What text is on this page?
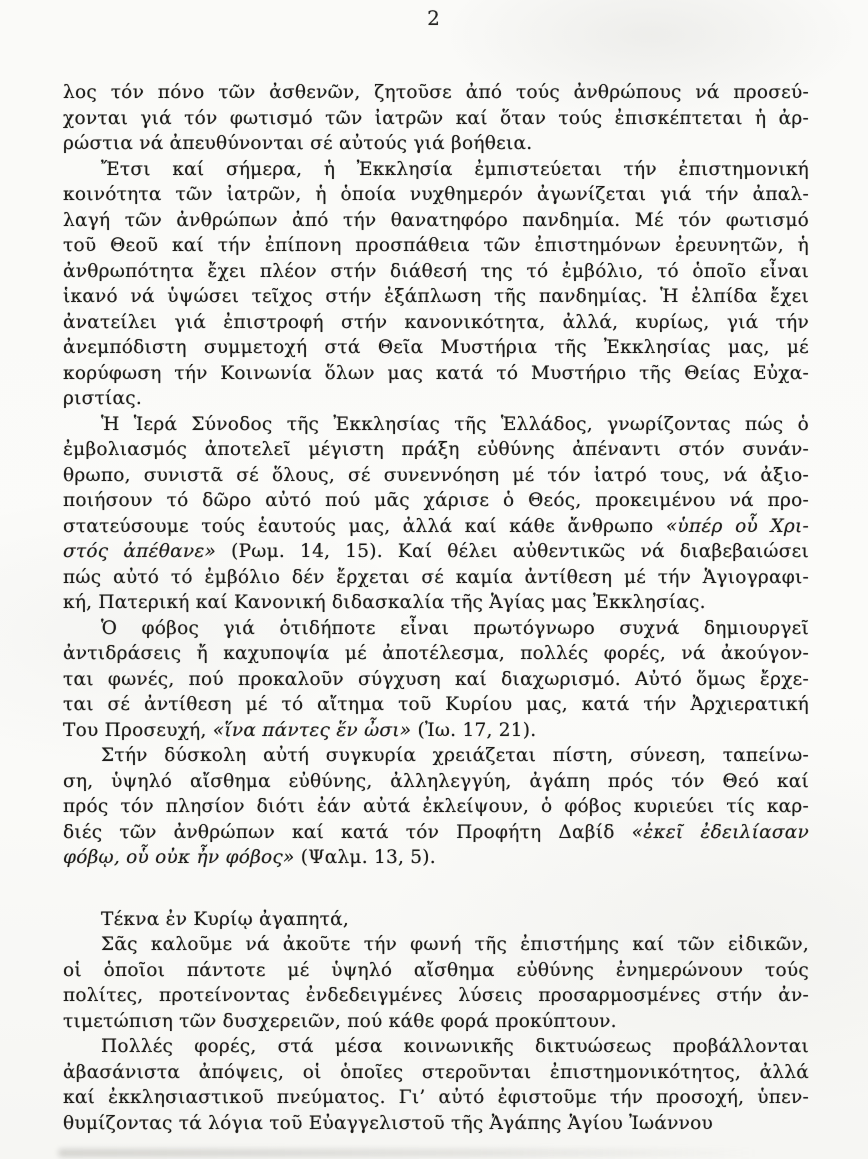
2
λος τόν πόνο τῶν ἀσθενῶν, ζητοῦσε ἀπό τούς ἀνθρώπους νά προσεύ-
χονται γιά τόν φωτισμό τῶν ἰατρῶν καί ὅταν τούς ἐπισκέπτεται ἡ ἀρ-
ρώστια νά ἀπευθύνονται σέ αὐτούς γιά βοήθεια.
Ἔτσι καί σήμερα, ἡ Ἐκκλησία ἐμπιστεύεται τήν ἐπιστημονική
κοινότητα τῶν ἰατρῶν, ἡ ὁποία νυχθημερόν ἀγωνίζεται γιά τήν ἀπαλ-
λαγή τῶν ἀνθρώπων ἀπό τήν θανατηφόρο πανδημία. Μέ τόν φωτισμό
τοῦ Θεοῦ καί τήν ἐπίπονη προσπάθεια τῶν ἐπιστημόνων ἐρευνητῶν, ἡ
ἀνθρωπότητα ἔχει πλέον στήν διάθεσή της τό ἐμβόλιο, τό ὁποῖο εἶναι
ἱκανό νά ὑψώσει τεῖχος στήν ἐξάπλωση τῆς πανδημίας. Ἡ ἐλπίδα ἔχει
ἀνατείλει γιά ἐπιστροφή στήν κανονικότητα, ἀλλά, κυρίως, γιά τήν
ἀνεμπόδιστη συμμετοχή στά Θεῖα Μυστήρια τῆς Ἐκκλησίας μας, μέ
κορύφωση τήν Κοινωνία ὅλων μας κατά τό Μυστήριο τῆς Θείας Εὐχα-
ριστίας.
Ἡ Ἱερά Σύνοδος τῆς Ἐκκλησίας τῆς Ἑλλάδος, γνωρίζοντας πώς ὁ
ἐμβολιασμός ἀποτελεῖ μέγιστη πράξη εὐθύνης ἀπέναντι στόν συνάν-
θρωπο, συνιστᾶ σέ ὅλους, σέ συνεννόηση μέ τόν ἰατρό τους, νά ἀξιο-
ποιήσουν τό δῶρο αὐτό πού μᾶς χάρισε ὁ Θεός, προκειμένου νά προ-
στατεύσουμε τούς ἑαυτούς μας, ἀλλά καί κάθε ἄνθρωπο «ὑπέρ οὗ Χρι-
στός ἀπέθανε» (Ρωμ. 14, 15). Καί θέλει αὐθεντικῶς νά διαβεβαιώσει
πώς αὐτό τό ἐμβόλιο δέν ἔρχεται σέ καμία ἀντίθεση μέ τήν Ἁγιογραφι-
κή, Πατερική καί Κανονική διδασκαλία τῆς Ἁγίας μας Ἐκκλησίας.
Ὁ φόβος γιά ὁτιδήποτε εἶναι πρωτόγνωρο συχνά δημιουργεῖ
ἀντιδράσεις ἤ καχυποψία μέ ἀποτέλεσμα, πολλές φορές, νά ἀκούγον-
ται φωνές, πού προκαλοῦν σύγχυση καί διαχωρισμό. Αὐτό ὅμως ἔρχε-
ται σέ ἀντίθεση μέ τό αἴτημα τοῦ Κυρίου μας, κατά τήν Ἀρχιερατική
Του Προσευχή, «ἵνα πάντες ἕν ὦσι» (Ἰω. 17, 21).
Στήν δύσκολη αὐτή συγκυρία χρειάζεται πίστη, σύνεση, ταπείνω-
ση, ὑψηλό αἴσθημα εὐθύνης, ἀλληλεγγύη, ἀγάπη πρός τόν Θεό καί
πρός τόν πλησίον διότι ἐάν αὐτά ἐκλείψουν, ὁ φόβος κυριεύει τίς καρ-
διές τῶν ἀνθρώπων καί κατά τόν Προφήτη Δαβίδ «ἐκεῖ ἐδειλίασαν
φόβῳ, οὗ οὐκ ἦν φόβος» (Ψαλμ. 13, 5).
Τέκνα ἐν Κυρίῳ ἀγαπητά,
Σᾶς καλοῦμε νά ἀκοῦτε τήν φωνή τῆς ἐπιστήμης καί τῶν εἰδικῶν,
οἱ ὁποῖοι πάντοτε μέ ὑψηλό αἴσθημα εὐθύνης ἐνημερώνουν τούς
πολίτες, προτείνοντας ἐνδεδειγμένες λύσεις προσαρμοσμένες στήν ἀν-
τιμετώπιση τῶν δυσχερειῶν, πού κάθε φορά προκύπτουν.
Πολλές φορές, στά μέσα κοινωνικῆς δικτυώσεως προβάλλονται
ἀβασάνιστα ἀπόψεις, οἱ ὁποῖες στεροῦνται ἐπιστημονικότητος, ἀλλά
καί ἐκκλησιαστικοῦ πνεύματος. Γι’ αὐτό ἐφιστοῦμε τήν προσοχή, ὑπεν-
θυμίζοντας τά λόγια τοῦ Εὐαγγελιστοῦ τῆς Ἀγάπης Ἁγίου Ἰωάννου
